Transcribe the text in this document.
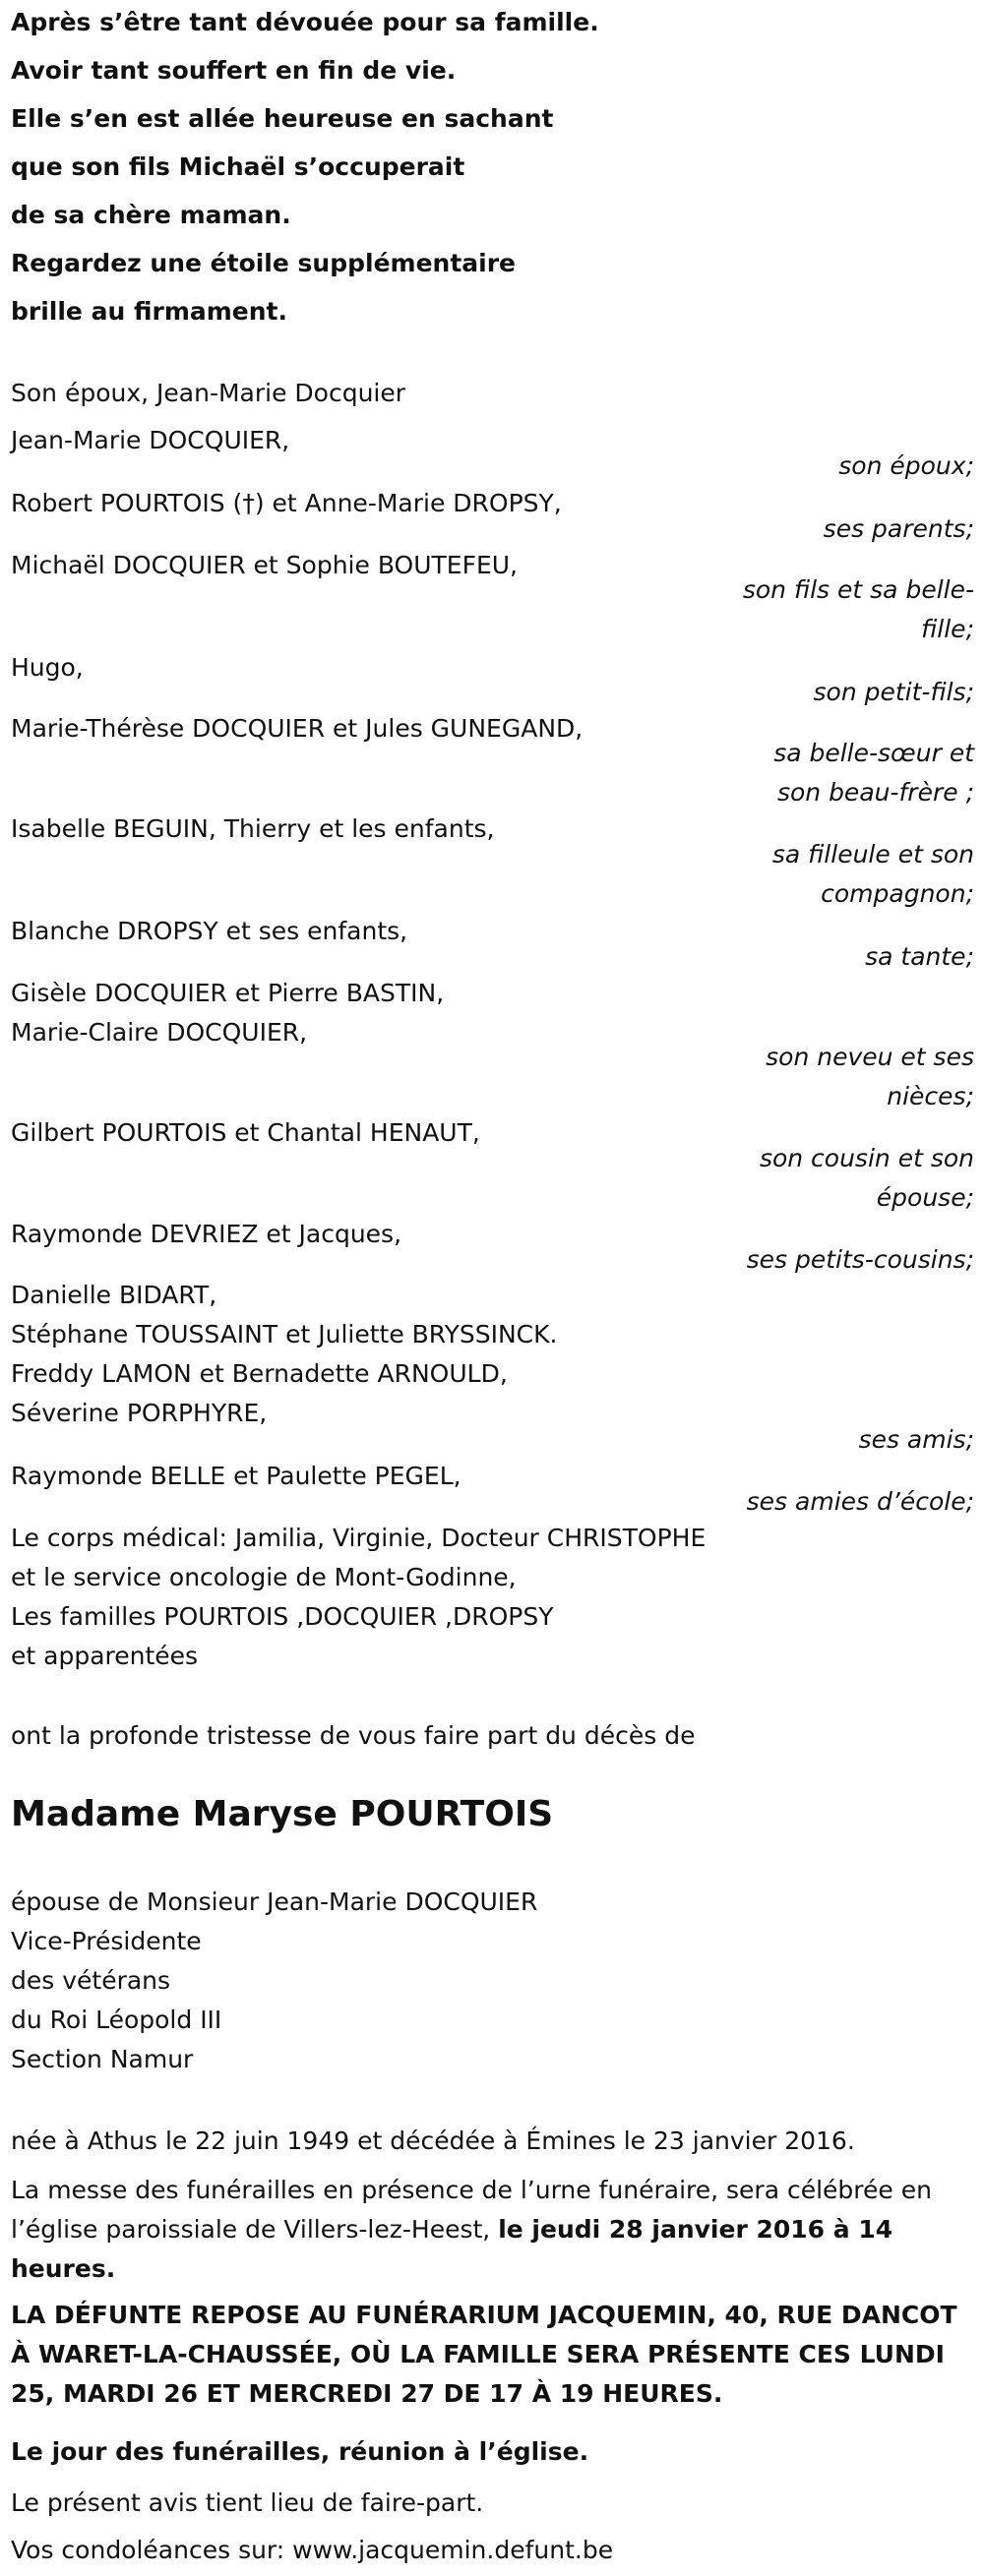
Après s’être tant dévouée pour sa famille.
Avoir tant souffert en fin de vie.
Elle s’en est allée heureuse en sachant
que son fils Michaël s’occuperait
de sa chère maman.
Regardez une étoile supplémentaire
brille au firmament.
Son époux, Jean-Marie Docquier
Jean-Marie DOCQUIER,
Robert POURTOIS (†) et Anne-Marie DROPSY,
Michaël DOCQUIER et Sophie BOUTEFEU,
Hugo,
Marie-Thérèse DOCQUIER et Jules GUNEGAND,
Isabelle BEGUIN, Thierry et les enfants,
Blanche DROPSY et ses enfants,
Gisèle DOCQUIER et Pierre BASTIN,
Marie-Claire DOCQUIER,
Gilbert POURTOIS et Chantal HENAUT,
Raymonde DEVRIEZ et Jacques,
Danielle BIDART,
Stéphane TOUSSAINT et Juliette BRYSSINCK.
Freddy LAMON et Bernadette ARNOULD,
Séverine PORPHYRE,
Raymonde BELLE et Paulette PEGEL,
Le corps médical: Jamilia, Virginie, Docteur CHRISTOPHE
et le service oncologie de Mont-Godinne,
Les familles POURTOIS ,DOCQUIER ,DROPSY
et apparentées
son époux;
ses parents;
son fils et sa belle-
fille;
son petit-fils;
sa belle-sœur et
son beau-frère ;
sa filleule et son
compagnon;
sa tante;
son neveu et ses
nièces;
son cousin et son
épouse;
ses petits-cousins;
ses amis;
ses amies d’école;
ont la profonde tristesse de vous faire part du décès de
Madame Maryse POURTOIS
épouse de Monsieur Jean-Marie DOCQUIER
Vice-Présidente
des vétérans
du Roi Léopold III
Section Namur
née à Athus le 22 juin 1949 et décédée à Émines le 23 janvier 2016.
La messe des funérailles en présence de l’urne funéraire, sera célébrée en l’église paroissiale de Villers-lez-Heest, le jeudi 28 janvier 2016 à 14 heures.
LA DÉFUNTE REPOSE AU FUNÉRARIUM JACQUEMIN, 40, RUE DANCOT À WARET-LA-CHAUSSÉE, OÙ LA FAMILLE SERA PRÉSENTE CES LUNDI 25, MARDI 26 ET MERCREDI 27 DE 17 À 19 HEURES.
Le jour des funérailles, réunion à l’église.
Le présent avis tient lieu de faire-part.
Vos condoléances sur: www.jacquemin.defunt.be
